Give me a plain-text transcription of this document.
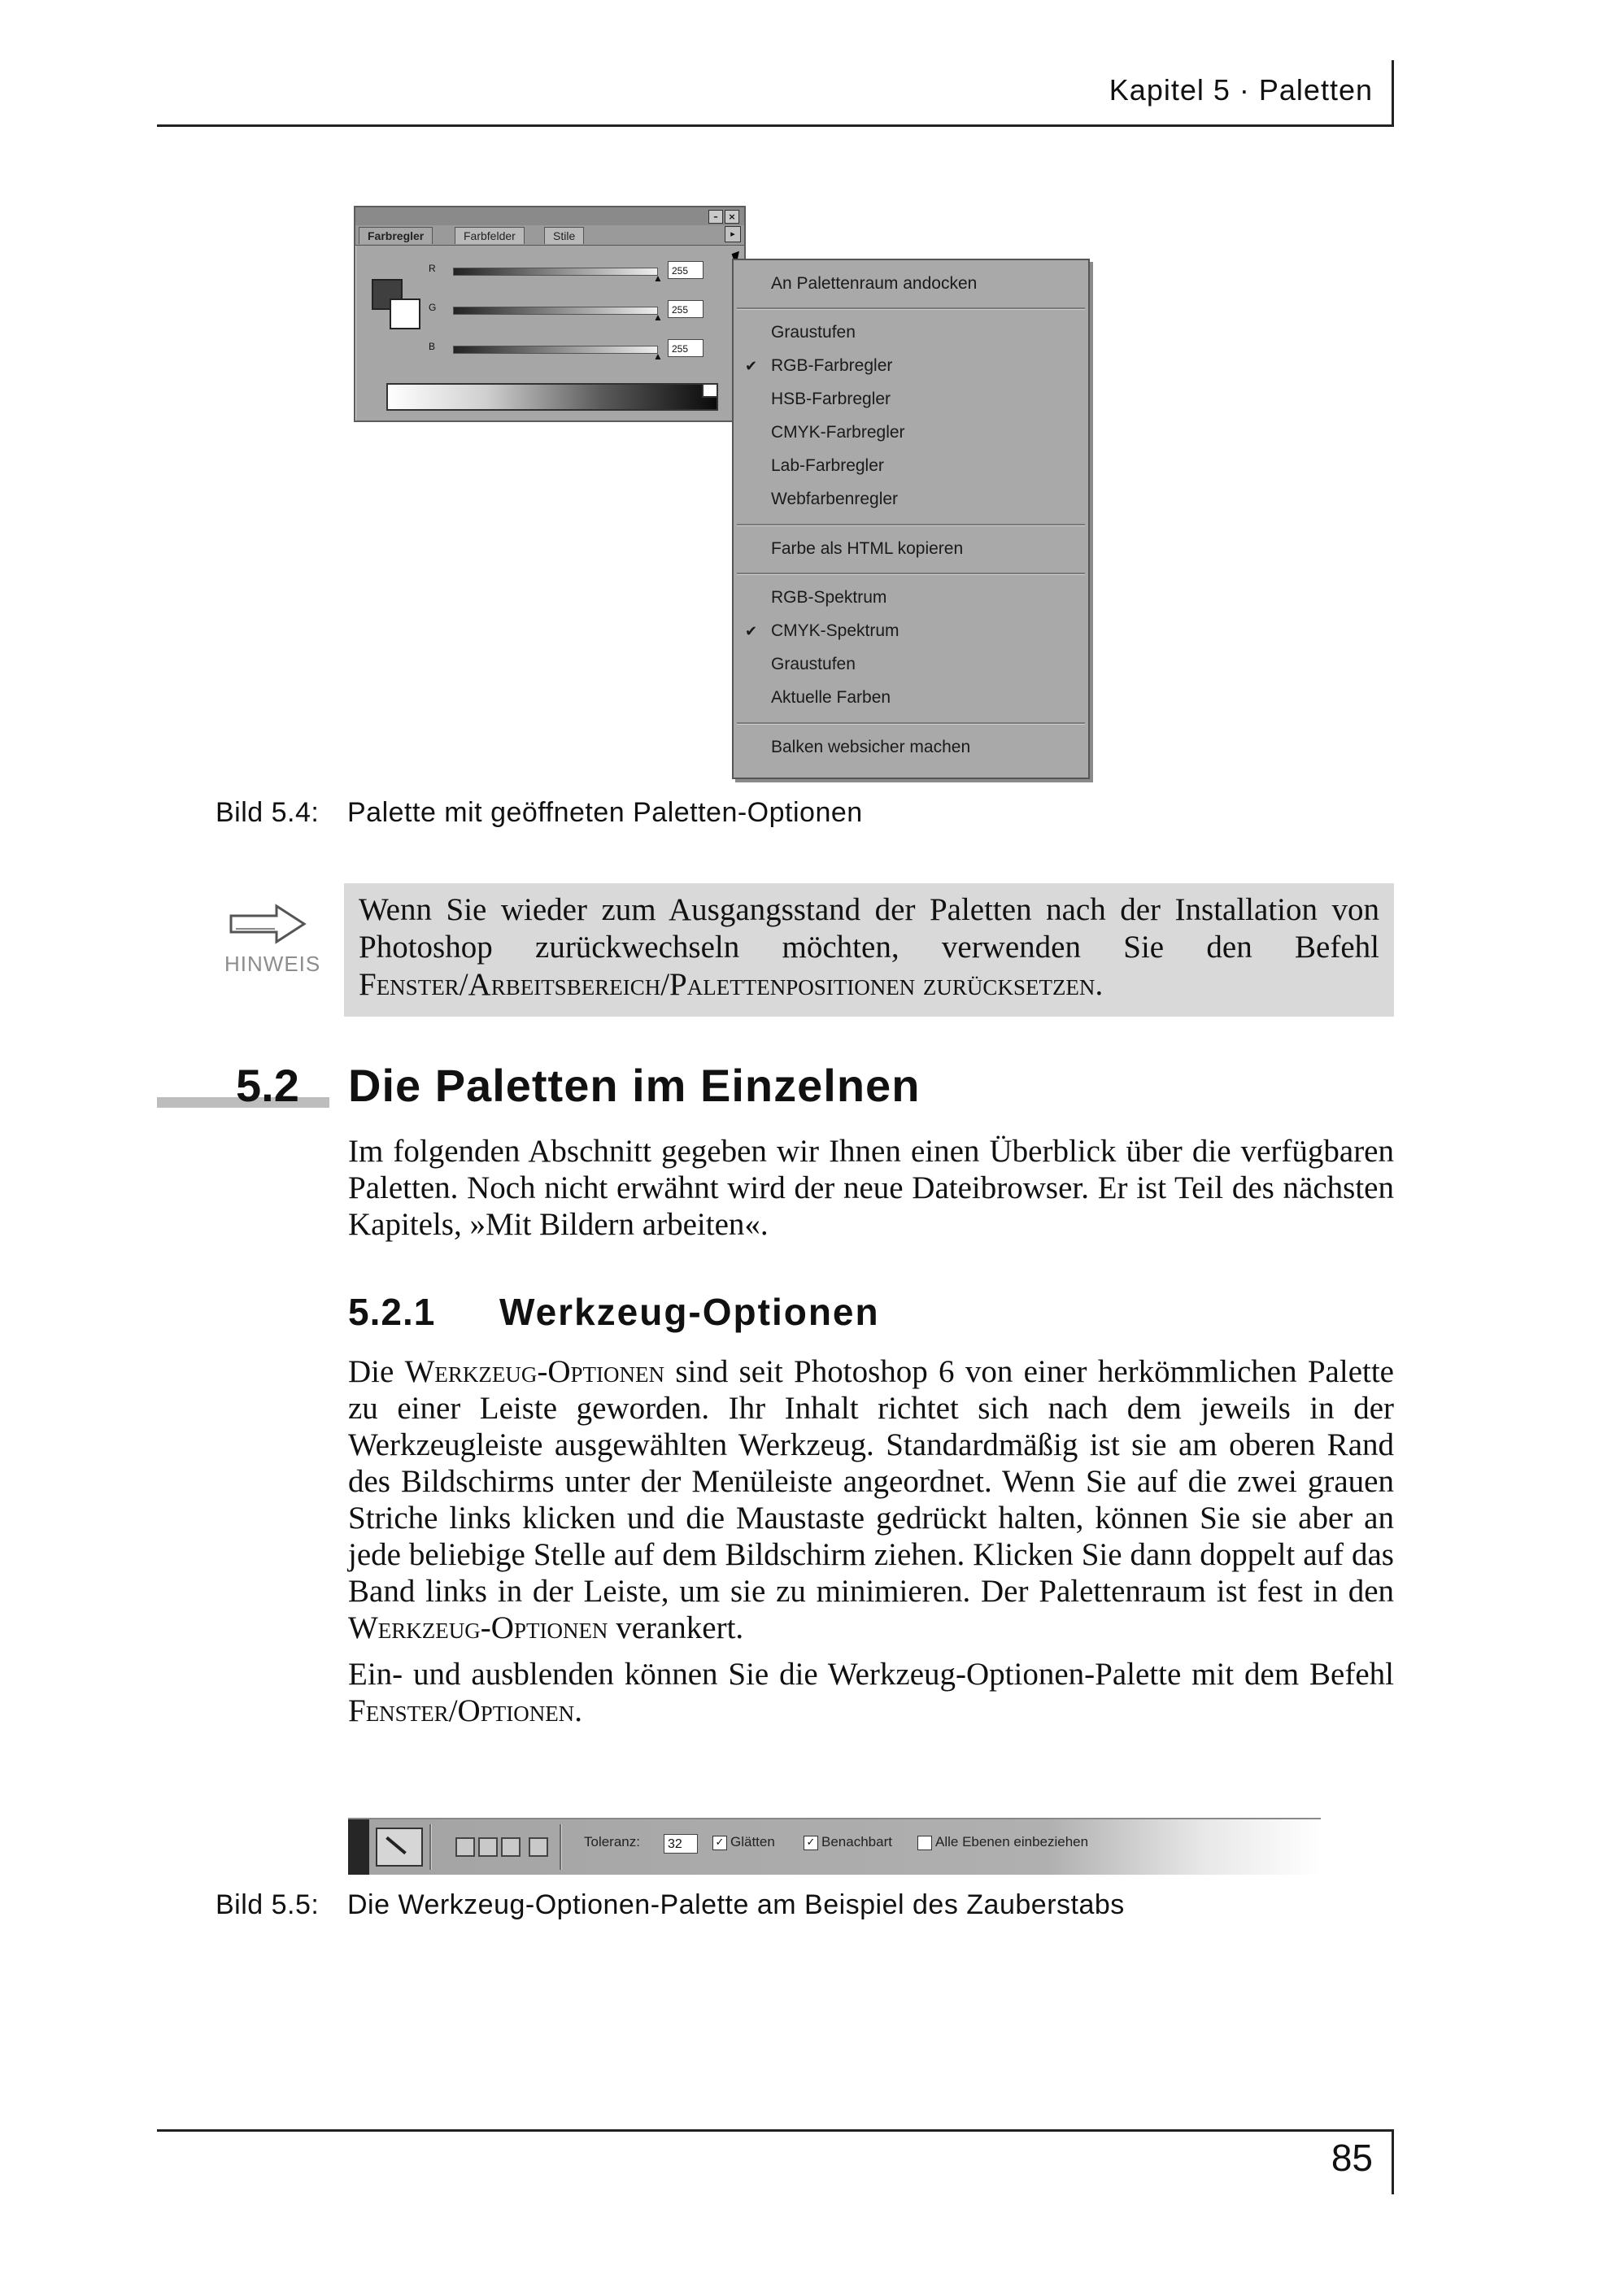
Kapitel 5 · Paletten
–	×
Farbregler	Farbfelder	Stile	▸
R
▲
255
G
▲
255
B
▲
255
An Palettenraum andocken
Graustufen
✔ RGB-Farbregler
HSB-Farbregler
CMYK-Farbregler
Lab-Farbregler
Webfarbenregler
Farbe als HTML kopieren
RGB-Spektrum
✔ CMYK-Spektrum
Graustufen
Aktuelle Farben
Balken websicher machen
Bild 5.4: Palette mit geöffneten Paletten-Optionen
HINWEIS
Wenn Sie wieder zum Ausgangsstand der Paletten nach der Installation von Photoshop zurückwechseln möchten, verwenden Sie den Befehl Fenster/Arbeitsbereich/Palettenpositionen zurücksetzen.
5.2 Die Paletten im Einzelnen

Im folgenden Abschnitt gegeben wir Ihnen einen Überblick über die verfügbaren Paletten. Noch nicht erwähnt wird der neue Dateibrowser. Er ist Teil des nächsten Kapitels, »Mit Bildern arbeiten«.

5.2.1 Werkzeug-Optionen

Die Werkzeug-Optionen sind seit Photoshop 6 von einer herkömmlichen Palette zu einer Leiste geworden. Ihr Inhalt richtet sich nach dem jeweils in der Werkzeugleiste ausgewählten Werkzeug. Standardmäßig ist sie am oberen Rand des Bildschirms unter der Menüleiste angeordnet. Wenn Sie auf die zwei grauen Striche links klicken und die Maustaste gedrückt halten, können Sie sie aber an jede beliebige Stelle auf dem Bildschirm ziehen. Klicken Sie dann doppelt auf das Band links in der Leiste, um sie zu minimieren. Der Palettenraum ist fest in den Werkzeug-Optionen verankert.

Ein- und ausblenden können Sie die Werkzeug-Optionen-Palette mit dem Befehl Fenster/Optionen.

Toleranz:	32	✓ Glätten	✓ Benachbart	Alle Ebenen einbeziehen
Bild 5.5: Die Werkzeug-Optionen-Palette am Beispiel des Zauberstabs
85
